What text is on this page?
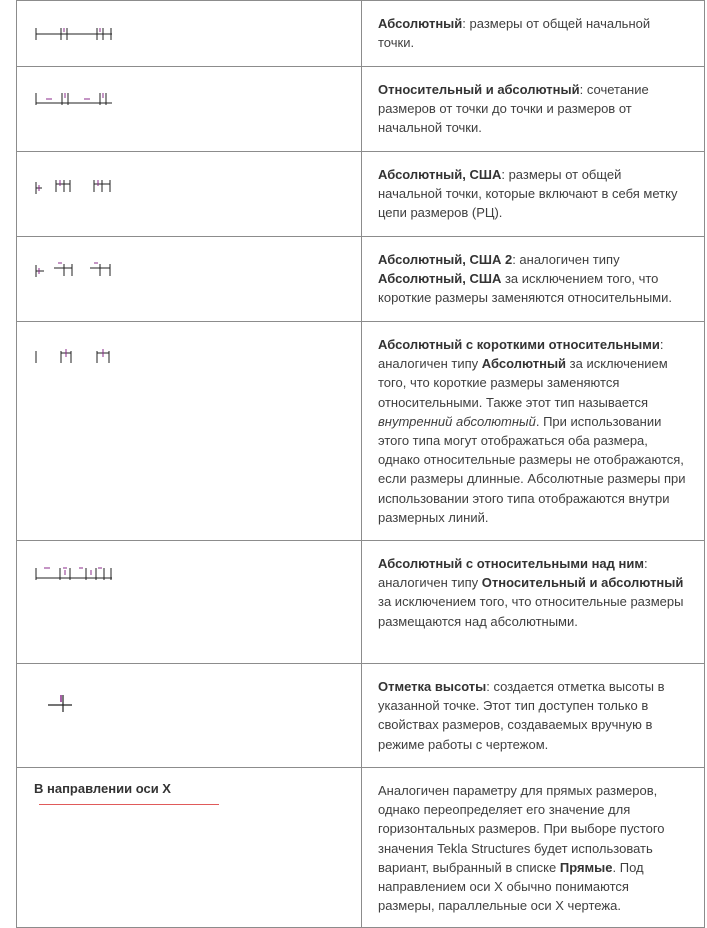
	Абсолютный: размеры от общей начальной точки.

	Относительный и абсолютный: сочетание размеров от точки до точки и размеров от начальной точки.

	Абсолютный, США: размеры от общей начальной точки, которые включают в себя метку цепи размеров (РЦ).

	Абсолютный, США 2: аналогичен типу Абсолютный, США за исключением того, что короткие размеры заменяются относительными.

	Абсолютный с короткими относительными: аналогичен типу Абсолютный за исключением того, что короткие размеры заменяются относительными. Также этот тип называется внутренний абсолютный. При использовании этого типа могут отображаться оба размера, однако относительные размеры не отображаются, если размеры длинные. Абсолютные размеры при использовании этого типа отображаются внутри размерных линий.

	Абсолютный с относительными над ним: аналогичен типу Относительный и абсолютный за исключением того, что относительные размеры размещаются над абсолютными.

	Отметка высоты: создается отметка высоты в указанной точке. Этот тип доступен только в свойствах размеров, создаваемых вручную в режиме работы с чертежом.

В направлении оси X	Аналогичен параметру для прямых размеров, однако переопределяет его значение для горизонтальных размеров. При выборе пустого значения Tekla Structures будет использовать вариант, выбранный в списке Прямые. Под направлением оси X обычно понимаются размеры, параллельные оси X чертежа.
